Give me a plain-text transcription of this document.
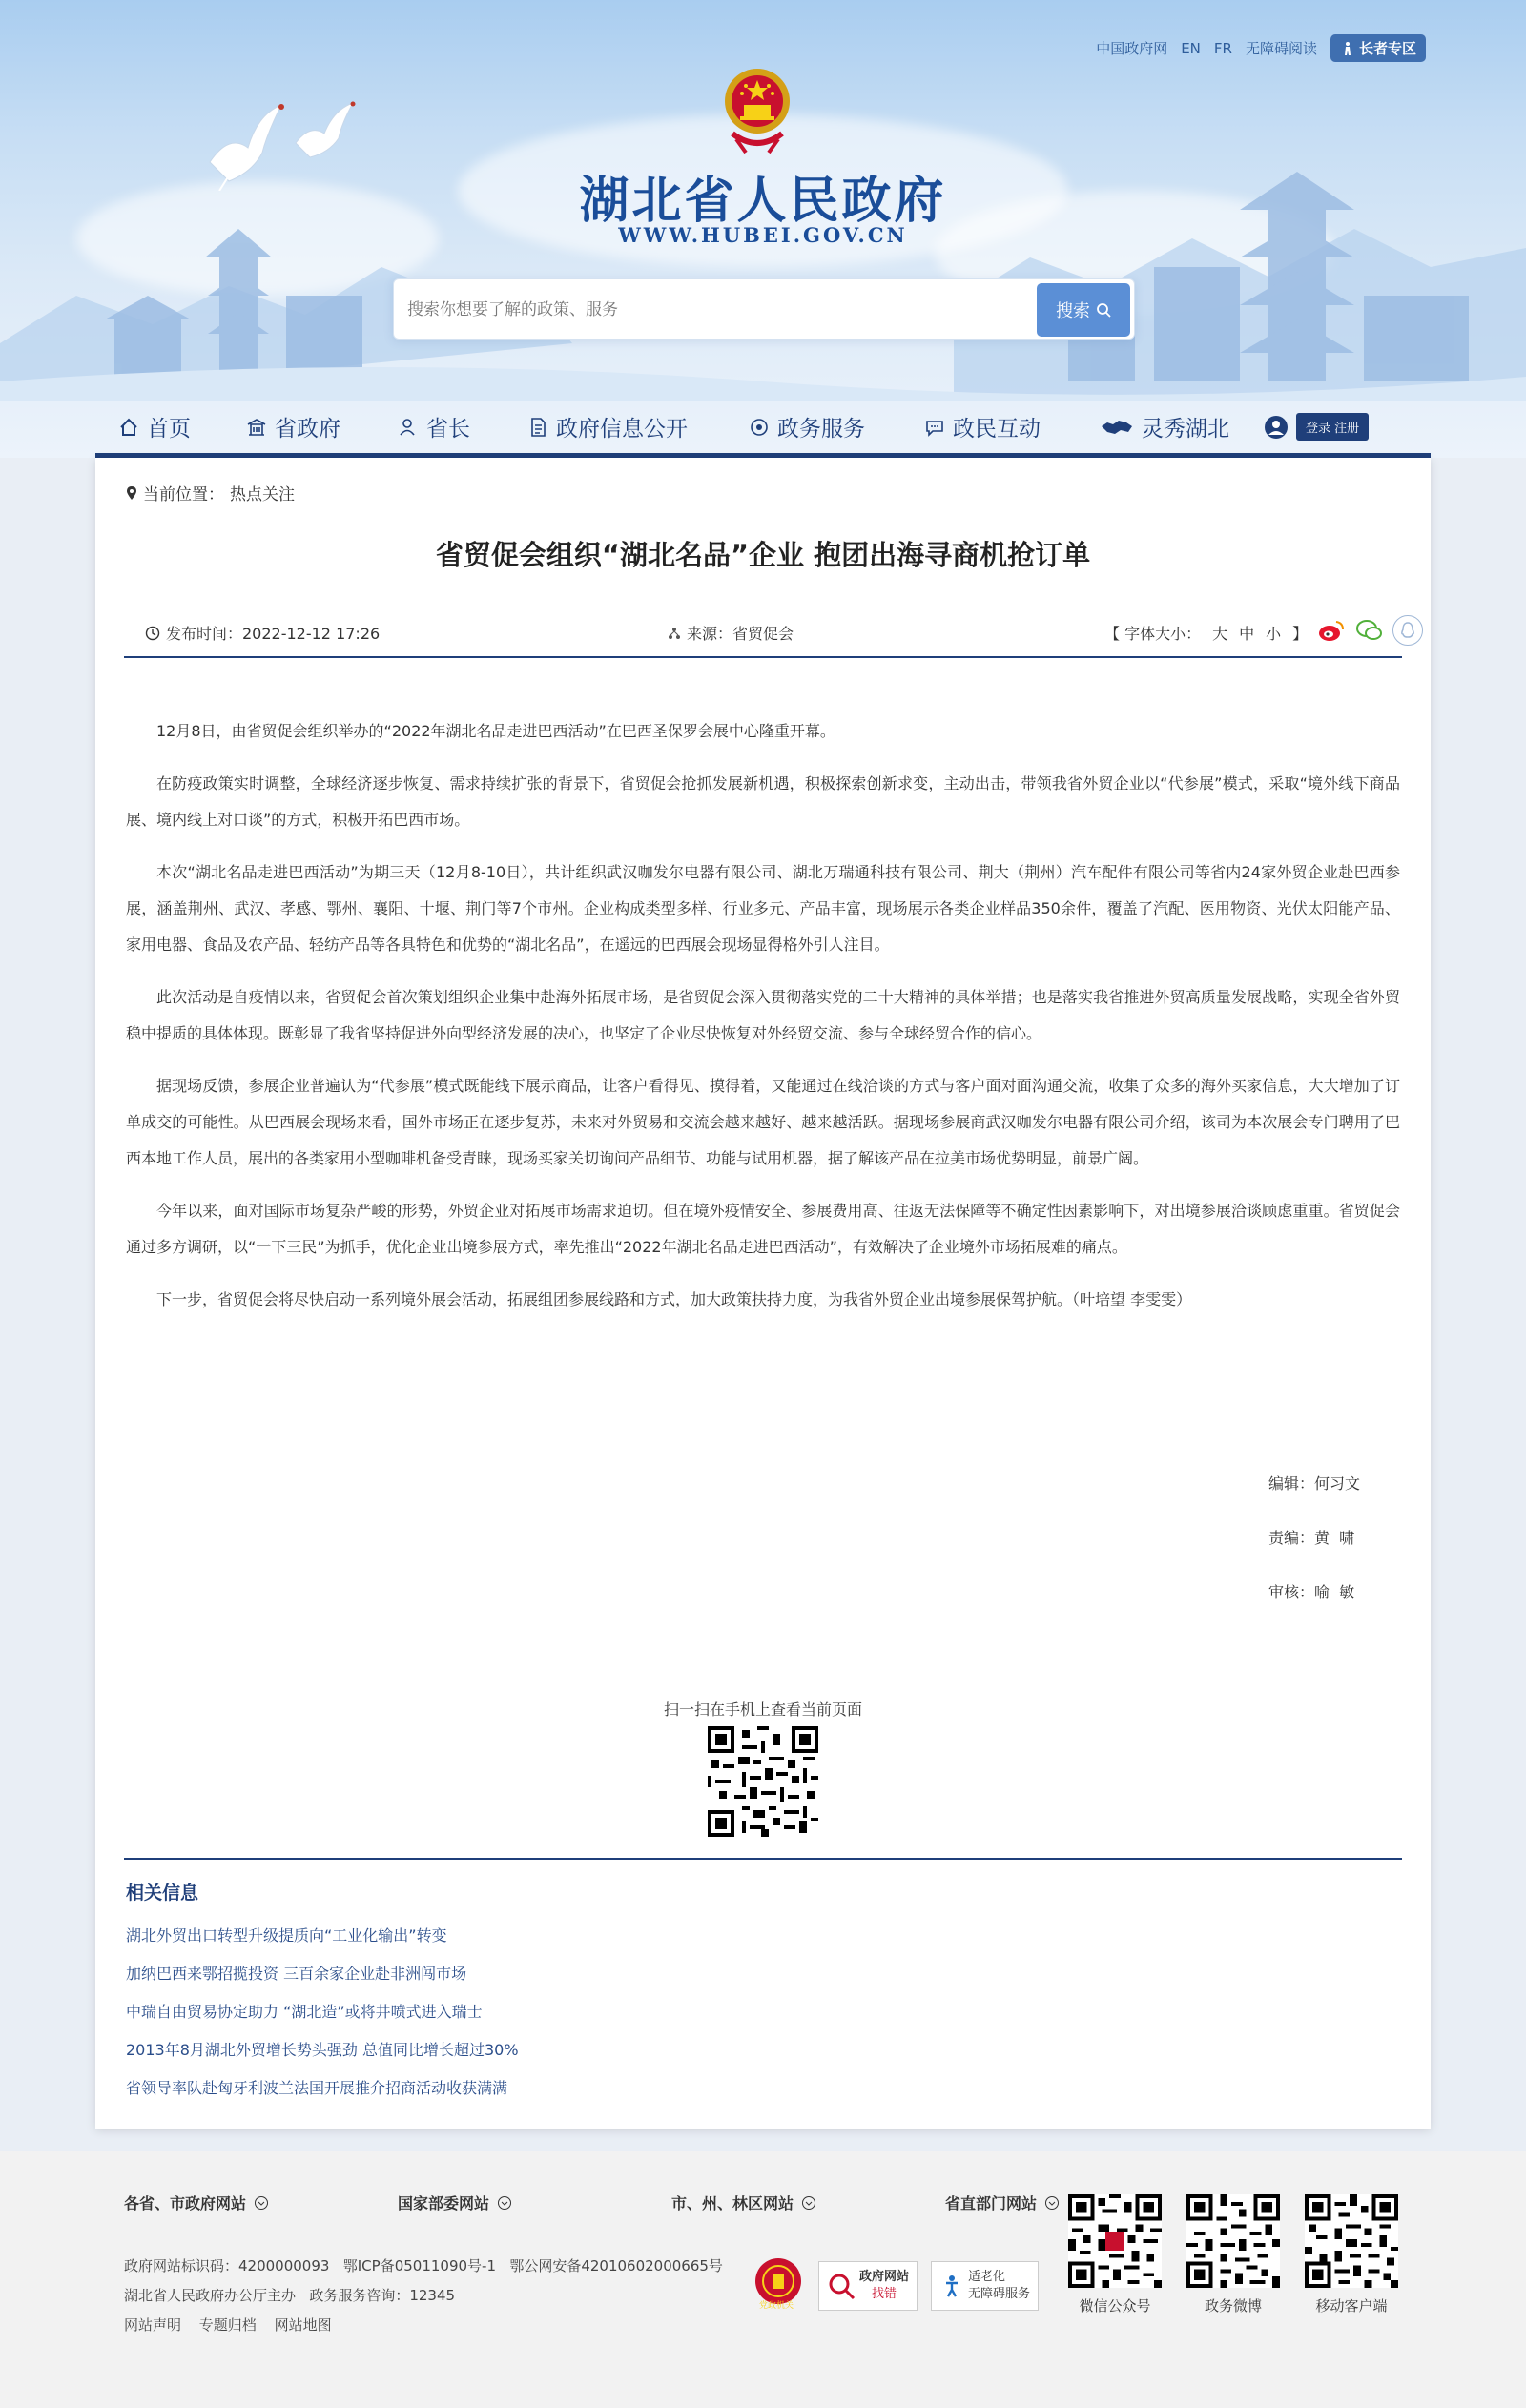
中国政府网 EN FR 无障碍阅读	长者专区
湖北省人民政府
WWW.HUBEI.GOV.CN
搜索你想要了解的政策、服务
搜索
首页	省政府	省长	政府信息公开	政务服务	政民互动	灵秀湖北	登录 注册
当前位置： 热点关注
省贸促会组织“湖北名品”企业 抱团出海寻商机抢订单
发布时间：2022-12-12 17:26	来源：省贸促会	【 字体大小： 大 中 小 】

12月8日，由省贸促会组织举办的“2022年湖北名品走进巴西活动”在巴西圣保罗会展中心隆重开幕。

在防疫政策实时调整，全球经济逐步恢复、需求持续扩张的背景下，省贸促会抢抓发展新机遇，积极探索创新求变，主动出击，带领我省外贸企业以“代参展”模式，采取“境外线下商品展、境内线上对口谈”的方式，积极开拓巴西市场。

本次“湖北名品走进巴西活动”为期三天（12月8-10日），共计组织武汉咖发尔电器有限公司、湖北万瑞通科技有限公司、荆大（荆州）汽车配件有限公司等省内24家外贸企业赴巴西参展，涵盖荆州、武汉、孝感、鄂州、襄阳、十堰、荆门等7个市州。企业构成类型多样、行业多元、产品丰富，现场展示各类企业样品350余件，覆盖了汽配、医用物资、光伏太阳能产品、家用电器、食品及农产品、轻纺产品等各具特色和优势的“湖北名品”，在遥远的巴西展会现场显得格外引人注目。

此次活动是自疫情以来，省贸促会首次策划组织企业集中赴海外拓展市场，是省贸促会深入贯彻落实党的二十大精神的具体举措；也是落实我省推进外贸高质量发展战略，实现全省外贸稳中提质的具体体现。既彰显了我省坚持促进外向型经济发展的决心，也坚定了企业尽快恢复对外经贸交流、参与全球经贸合作的信心。

据现场反馈，参展企业普遍认为“代参展”模式既能线下展示商品，让客户看得见、摸得着，又能通过在线洽谈的方式与客户面对面沟通交流，收集了众多的海外买家信息，大大增加了订单成交的可能性。从巴西展会现场来看，国外市场正在逐步复苏，未来对外贸易和交流会越来越好、越来越活跃。据现场参展商武汉咖发尔电器有限公司介绍，该司为本次展会专门聘用了巴西本地工作人员，展出的各类家用小型咖啡机备受青睐，现场买家关切询问产品细节、功能与试用机器，据了解该产品在拉美市场优势明显，前景广阔。

今年以来，面对国际市场复杂严峻的形势，外贸企业对拓展市场需求迫切。但在境外疫情安全、参展费用高、往返无法保障等不确定性因素影响下，对出境参展洽谈顾虑重重。省贸促会通过多方调研，以“一下三民”为抓手，优化企业出境参展方式，率先推出“2022年湖北名品走进巴西活动”，有效解决了企业境外市场拓展难的痛点。

下一步，省贸促会将尽快启动一系列境外展会活动，拓展组团参展线路和方式，加大政策扶持力度，为我省外贸企业出境参展保驾护航。（叶培望 李雯雯）

编辑：何习文
责编：黄  啸
审核：喻  敏
扫一扫在手机上查看当前页面
相关信息
湖北外贸出口转型升级提质向“工业化输出”转变
加纳巴西来鄂招揽投资 三百余家企业赴非洲闯市场
中瑞自由贸易协定助力 “湖北造”或将井喷式进入瑞士
2013年8月湖北外贸增长势头强劲 总值同比增长超过30%
省领导率队赴匈牙利波兰法国开展推介招商活动收获满满
各省、市政府网站	国家部委网站	市、州、林区网站	省直部门网站
政府网站标识码：4200000093 鄂ICP备05011090号-1 鄂公网安备42010602000665号
湖北省人民政府办公厅主办 政务服务咨询：12345
网站声明 专题归档 网站地图
党政机关
政府网站
找错
适老化
无障碍服务
微信公众号	政务微博	移动客户端
